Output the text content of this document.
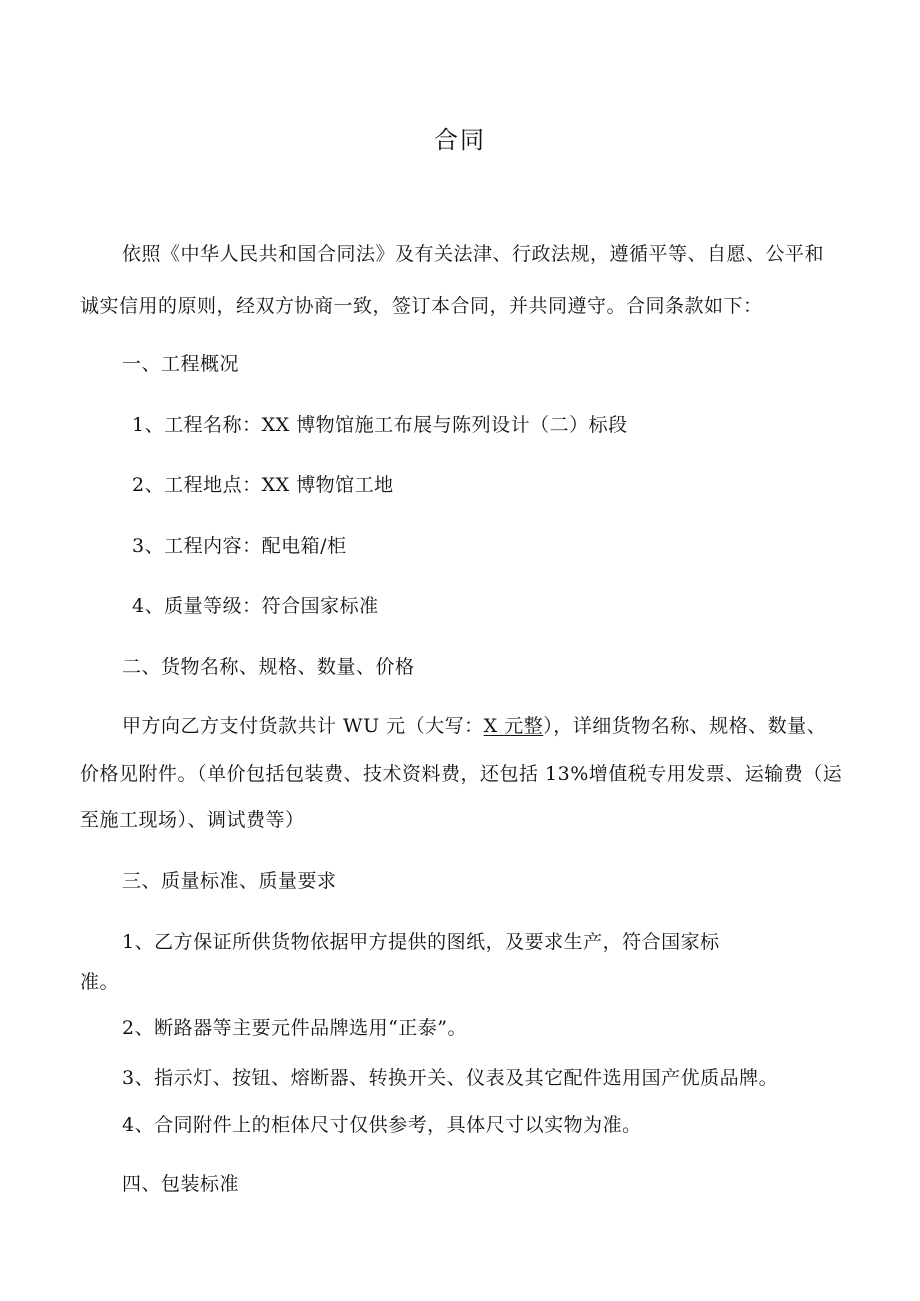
合同
依照《中华人民共和国合同法》及有关法津、行政法规，遵循平等、自愿、公平和
诚实信用的原则，经双方协商一致，签订本合同，并共同遵守。合同条款如下：
一、工程概况
1、工程名称：XX 博物馆施工布展与陈列设计（二）标段
2、工程地点：XX 博物馆工地
3、工程内容：配电箱/柜
4、质量等级：符合国家标准
二、货物名称、规格、数量、价格
甲方向乙方支付货款共计 WU 元（大写：X 元整），详细货物名称、规格、数量、
价格见附件。（单价包括包装费、技术资料费，还包括 13%增值税专用发票、运输费（运
至施工现场）、调试费等）
三、质量标准、质量要求
1、乙方保证所供货物依据甲方提供的图纸，及要求生产，符合国家标
准。
2、断路器等主要元件品牌选用“正泰”。
3、指示灯、按钮、熔断器、转换开关、仪表及其它配件选用国产优质品牌。
4、合同附件上的柜体尺寸仅供参考，具体尺寸以实物为准。
四、包装标准
